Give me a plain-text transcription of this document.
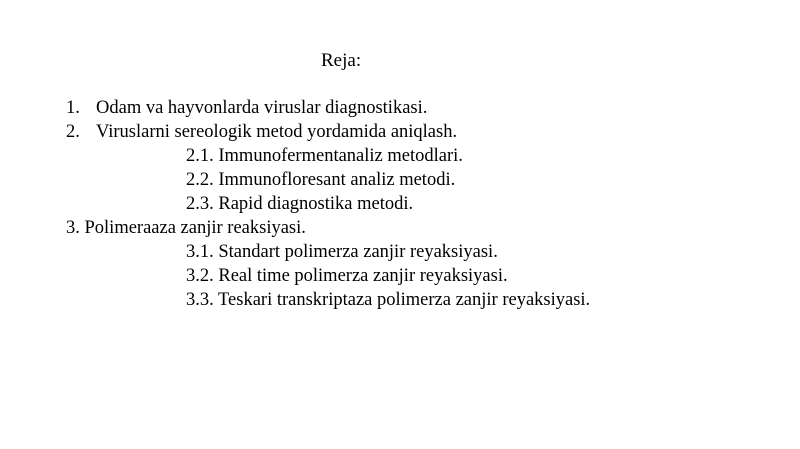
Reja:
1. Odam va hayvonlarda viruslar diagnostikasi.
2. Viruslarni sereologik metod yordamida aniqlash.
2.1. Immunofermentanaliz metodlari.
2.2. Immunofloresant analiz metodi.
2.3. Rapid diagnostika metodi.
3. Polimeraaza zanjir reaksiyasi.
3.1. Standart polimerza zanjir reyaksiyasi.
3.2. Real time polimerza zanjir reyaksiyasi.
3.3. Teskari transkriptaza polimerza zanjir reyaksiyasi.
